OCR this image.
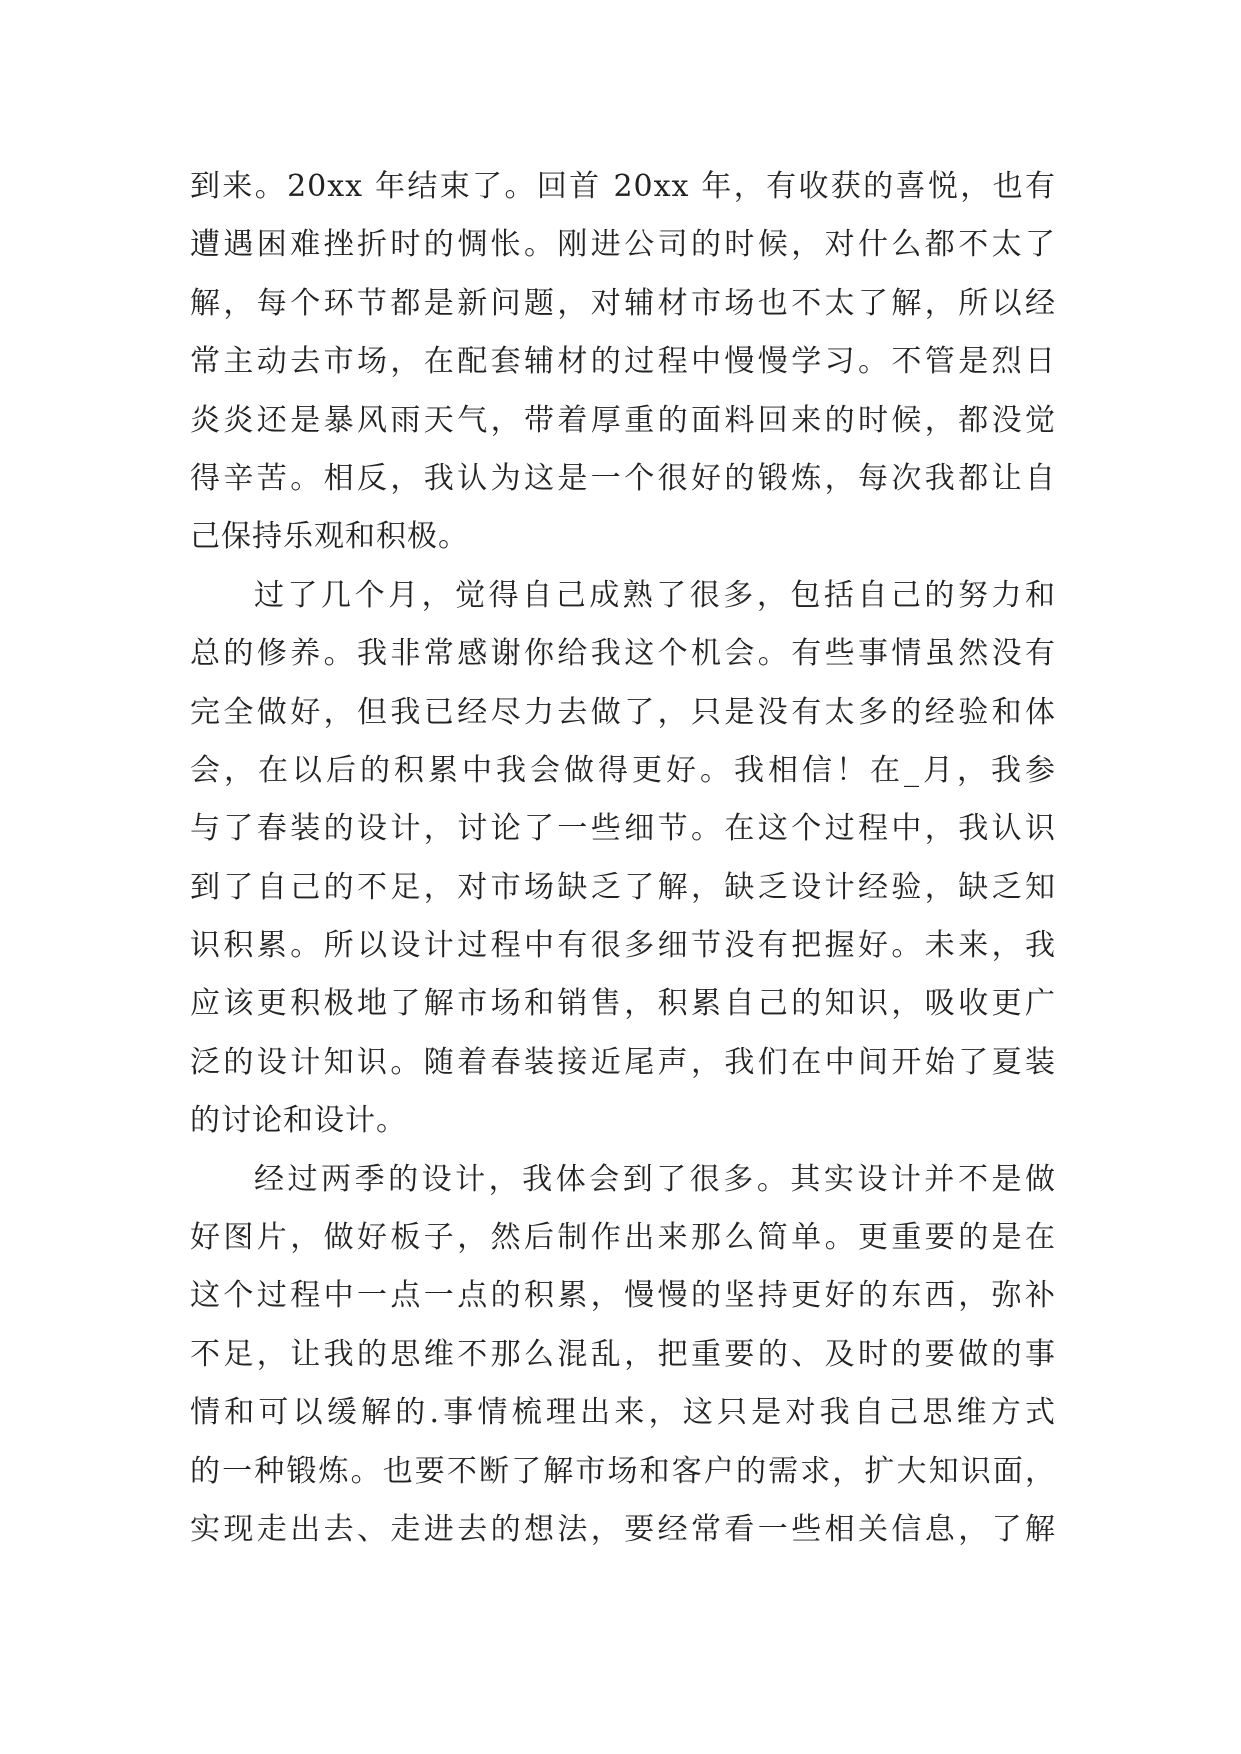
到来。20xx 年结束了。回首 20xx 年，有收获的喜悦，也有
遭遇困难挫折时的惆怅。刚进公司的时候，对什么都不太了
解，每个环节都是新问题，对辅材市场也不太了解，所以经
常主动去市场，在配套辅材的过程中慢慢学习。不管是烈日
炎炎还是暴风雨天气，带着厚重的面料回来的时候，都没觉
得辛苦。相反，我认为这是一个很好的锻炼，每次我都让自
己保持乐观和积极。
过了几个月，觉得自己成熟了很多，包括自己的努力和
总的修养。我非常感谢你给我这个机会。有些事情虽然没有
完全做好，但我已经尽力去做了，只是没有太多的经验和体
会，在以后的积累中我会做得更好。我相信！在_月，我参
与了春装的设计，讨论了一些细节。在这个过程中，我认识
到了自己的不足，对市场缺乏了解，缺乏设计经验，缺乏知
识积累。所以设计过程中有很多细节没有把握好。未来，我
应该更积极地了解市场和销售，积累自己的知识，吸收更广
泛的设计知识。随着春装接近尾声，我们在中间开始了夏装
的讨论和设计。
经过两季的设计，我体会到了很多。其实设计并不是做
好图片，做好板子，然后制作出来那么简单。更重要的是在
这个过程中一点一点的积累，慢慢的坚持更好的东西，弥补
不足，让我的思维不那么混乱，把重要的、及时的要做的事
情和可以缓解的.事情梳理出来，这只是对我自己思维方式
的一种锻炼。也要不断了解市场和客户的需求，扩大知识面，
实现走出去、走进去的想法，要经常看一些相关信息，了解
